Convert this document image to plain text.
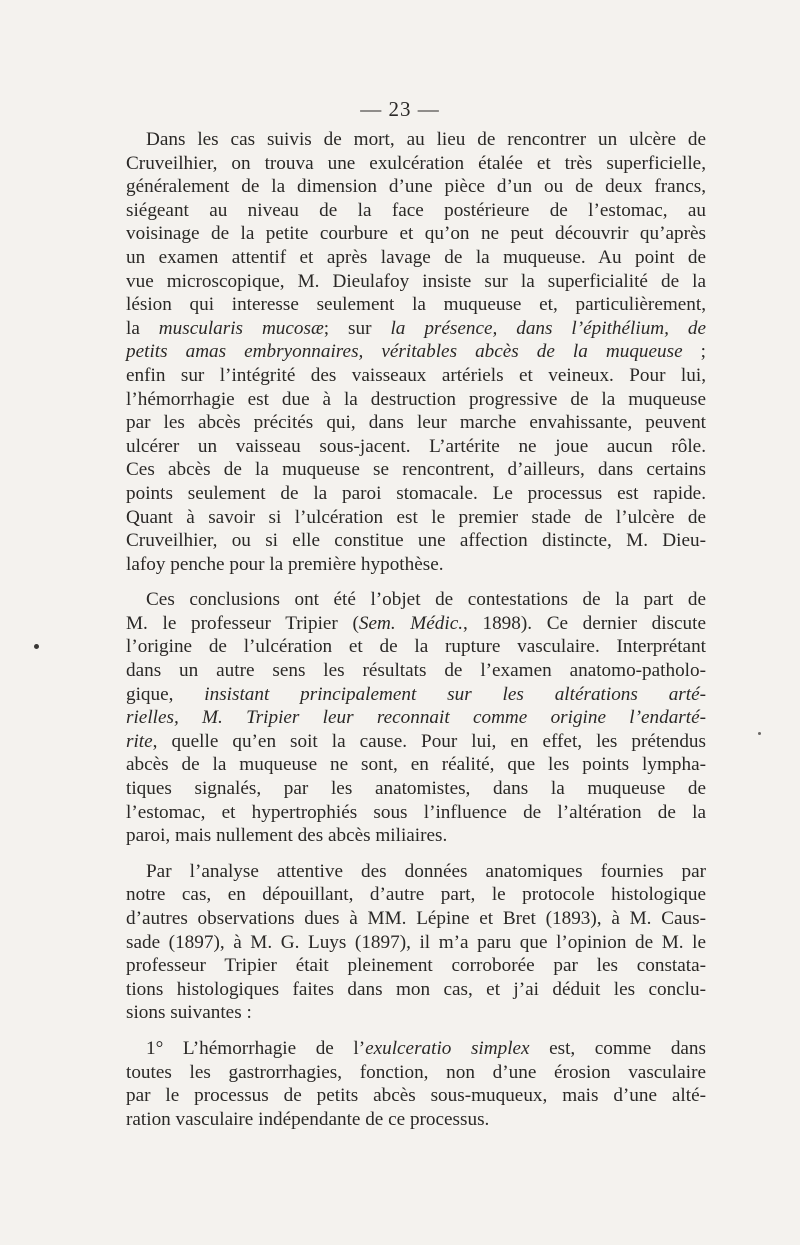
— 23 —

Dans les cas suivis de mort, au lieu de rencontrer un ulcère de
Cruveilhier, on trouva une exulcération étalée et très superficielle,
généralement de la dimension d’une pièce d’un ou de deux francs,
siégeant au niveau de la face postérieure de l’estomac, au
voisinage de la petite courbure et qu’on ne peut découvrir qu’après
un examen attentif et après lavage de la muqueuse. Au point de
vue microscopique, M. Dieulafoy insiste sur la superficialité de la
lésion qui interesse seulement la muqueuse et, particulièrement,
la muscularis mucosæ; sur la présence, dans l’épithélium, de
petits amas embryonnaires, véritables abcès de la muqueuse ;
enfin sur l’intégrité des vaisseaux artériels et veineux. Pour lui,
l’hémorrhagie est due à la destruction progressive de la muqueuse
par les abcès précités qui, dans leur marche envahissante, peuvent
ulcérer un vaisseau sous-jacent. L’artérite ne joue aucun rôle.
Ces abcès de la muqueuse se rencontrent, d’ailleurs, dans certains
points seulement de la paroi stomacale. Le processus est rapide.
Quant à savoir si l’ulcération est le premier stade de l’ulcère de
Cruveilhier, ou si elle constitue une affection distincte, M. Dieu-
lafoy penche pour la première hypothèse.

Ces conclusions ont été l’objet de contestations de la part de
M. le professeur Tripier (Sem. Médic., 1898). Ce dernier discute
l’origine de l’ulcération et de la rupture vasculaire. Interprétant
dans un autre sens les résultats de l’examen anatomo-patholo-
gique, insistant principalement sur les altérations arté-
rielles, M. Tripier leur reconnait comme origine l’endarté-
rite, quelle qu’en soit la cause. Pour lui, en effet, les prétendus
abcès de la muqueuse ne sont, en réalité, que les points lympha-
tiques signalés, par les anatomistes, dans la muqueuse de
l’estomac, et hypertrophiés sous l’influence de l’altération de la
paroi, mais nullement des abcès miliaires.

Par l’analyse attentive des données anatomiques fournies par
notre cas, en dépouillant, d’autre part, le protocole histologique
d’autres observations dues à MM. Lépine et Bret (1893), à M. Caus-
sade (1897), à M. G. Luys (1897), il m’a paru que l’opinion de M. le
professeur Tripier était pleinement corroborée par les constata-
tions histologiques faites dans mon cas, et j’ai déduit les conclu-
sions suivantes :

1° L’hémorrhagie de l’exulceratio simplex est, comme dans
toutes les gastrorrhagies, fonction, non d’une érosion vasculaire
par le processus de petits abcès sous-muqueux, mais d’une alté-
ration vasculaire indépendante de ce processus.
